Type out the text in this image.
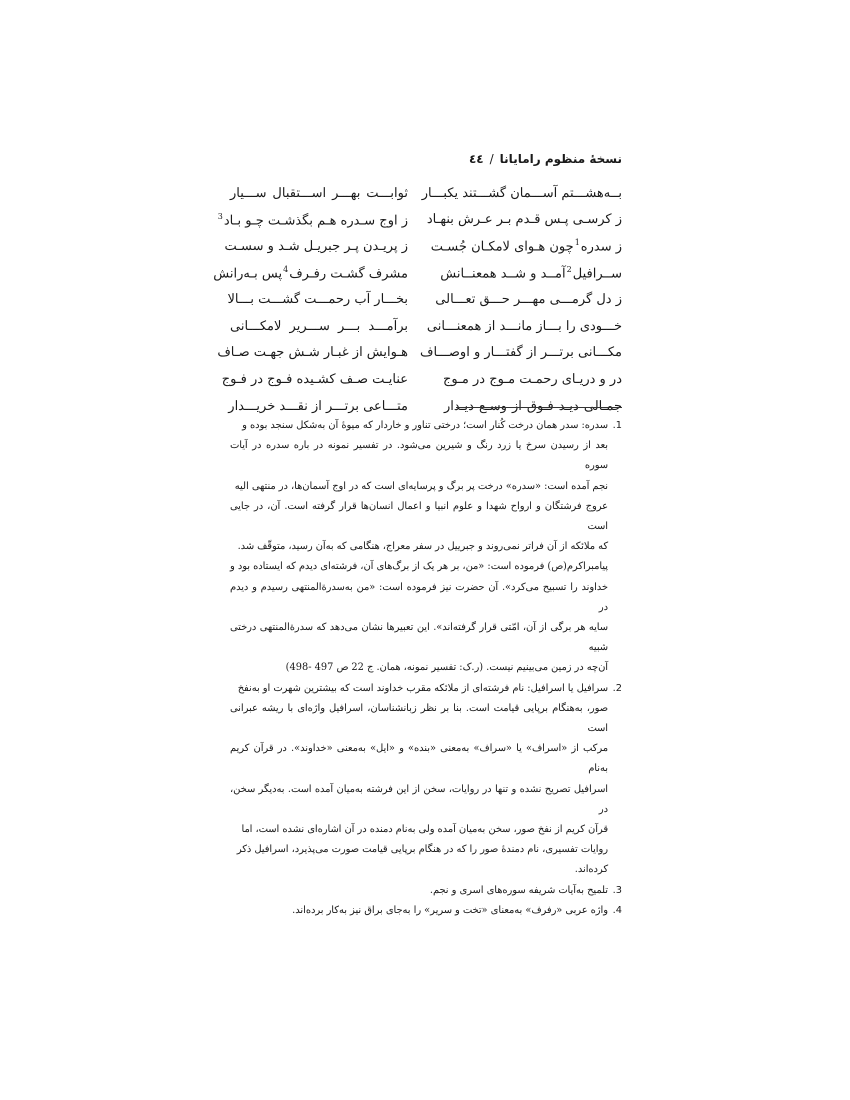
نسخهٔ منظوم رامایانا/٤٤
بــه‌هشـــتم آســـمان گشـــتند یکبـــار
ثوابـــت بهـــر اســـتقبال ســـیار
ز کرسـی پـس قـدم بـر عـرش بنهـاد
ز اوج سـدره هـم بگذشـت چـو بـاد$^3$
ز سدره$^1$چون هـوای لامکـان جُسـت
ز پریـدن پـر جبریـل شـد و سسـت
ســرافیل$^2$آمــد و شــد همعنــانش
مشرف گشـت رفـرف$^4$پس بـه‌رانش
ز دل گرمـــی مهـــر حـــق تعـــالی
بخـــار آب رحمـــت گشـــت بـــالا
خـــودی را بـــاز مانـــد از همعنـــانی
برآمـــد بـــر ســـریر لامکـــانی
مکـــانی برتـــر از گفتـــار و اوصـــاف
هـوایش از غبـار شـش جهـت صـاف
در و دریـای رحمـت مـوج در مـوج
عنایـت صـف کشـیده فـوج در فـوج
جمـالی دیـد فـوق از وسـع دیـدار
متـــاعی برتـــر از نقـــد خریـــدار
1.
سدره: سدر همان درخت کُنار است؛ درختی تناور و خاردار که میوهٔ آن به‌شکل سنجد بوده و
بعد از رسیدن سرخ یا زرد رنگ و شیرین می‌شود. در تفسیر نمونه در باره سدره در آیات سوره
نجم آمده است: «سدره» درخت پر برگ و پرسایه‌ای است که در اوج آسمان‌ها، در منتهی الیه
عروج فرشتگان و ارواح شهدا و علوم انبیا و اعمال انسان‌ها قرار گرفته است. آن، در جایی است
که ملائکه از آن فراتر نمی‌روند و جبرییل در سفر معراج، هنگامی که به‌آن رسید، متوقّف شد.
پیامبراکرم(ص) فرموده است: «من، بر هر یک از برگ‌های آن، فرشته‌ای دیدم که ایستاده بود و
خداوند را تسبیح می‌کرد». آن حضرت نیز فرموده است: «من به‌سدرةالمنتهی رسیدم و دیدم در
سایه هر برگی از آن، امّتی قرار گرفته‌اند». این تعبیرها نشان می‌دهد که سدرةالمنتهی درختی شبیه
آن‌چه در زمین می‌بینیم نیست. (ر.ک: تفسیر نمونه، همان. ج 22 ص 497 -498)
2.
سرافیل یا اسرافیل: نام فرشته‌ای از ملائکه مقرب خداوند است که بیشترین شهرت او به‌نفخ
صور، به‌هنگام برپایی قیامت است. بنا بر نظر زبانشناسان، اسرافیل واژه‌ای با ریشه عبرانی است
مرکب از «اسراف» یا «سراف» به‌معنی «بنده» و «ایل» به‌معنی «خداوند». در قرآن کریم به‌نام
اسرافیل تصریح نشده و تنها در روایات، سخن از این فرشته به‌میان آمده است. به‌دیگر سخن، در
قرآن کریم از نفخ صور، سخن به‌میان آمده ولی به‌نام دمنده در آن اشاره‌ای نشده است، اما
روایات تفسیری، نام دمندهٔ صور را که در هنگام برپایی قیامت صورت می‌پذیرد، اسرافیل ذکر
کرده‌اند.
3.
تلمیح به‌آیات شریفه سوره‌های اسری و نجم.
4.
واژه عربی «رفرف» به‌معنای «تخت و سریر» را به‌جای براق نیز به‌کار برده‌اند.
